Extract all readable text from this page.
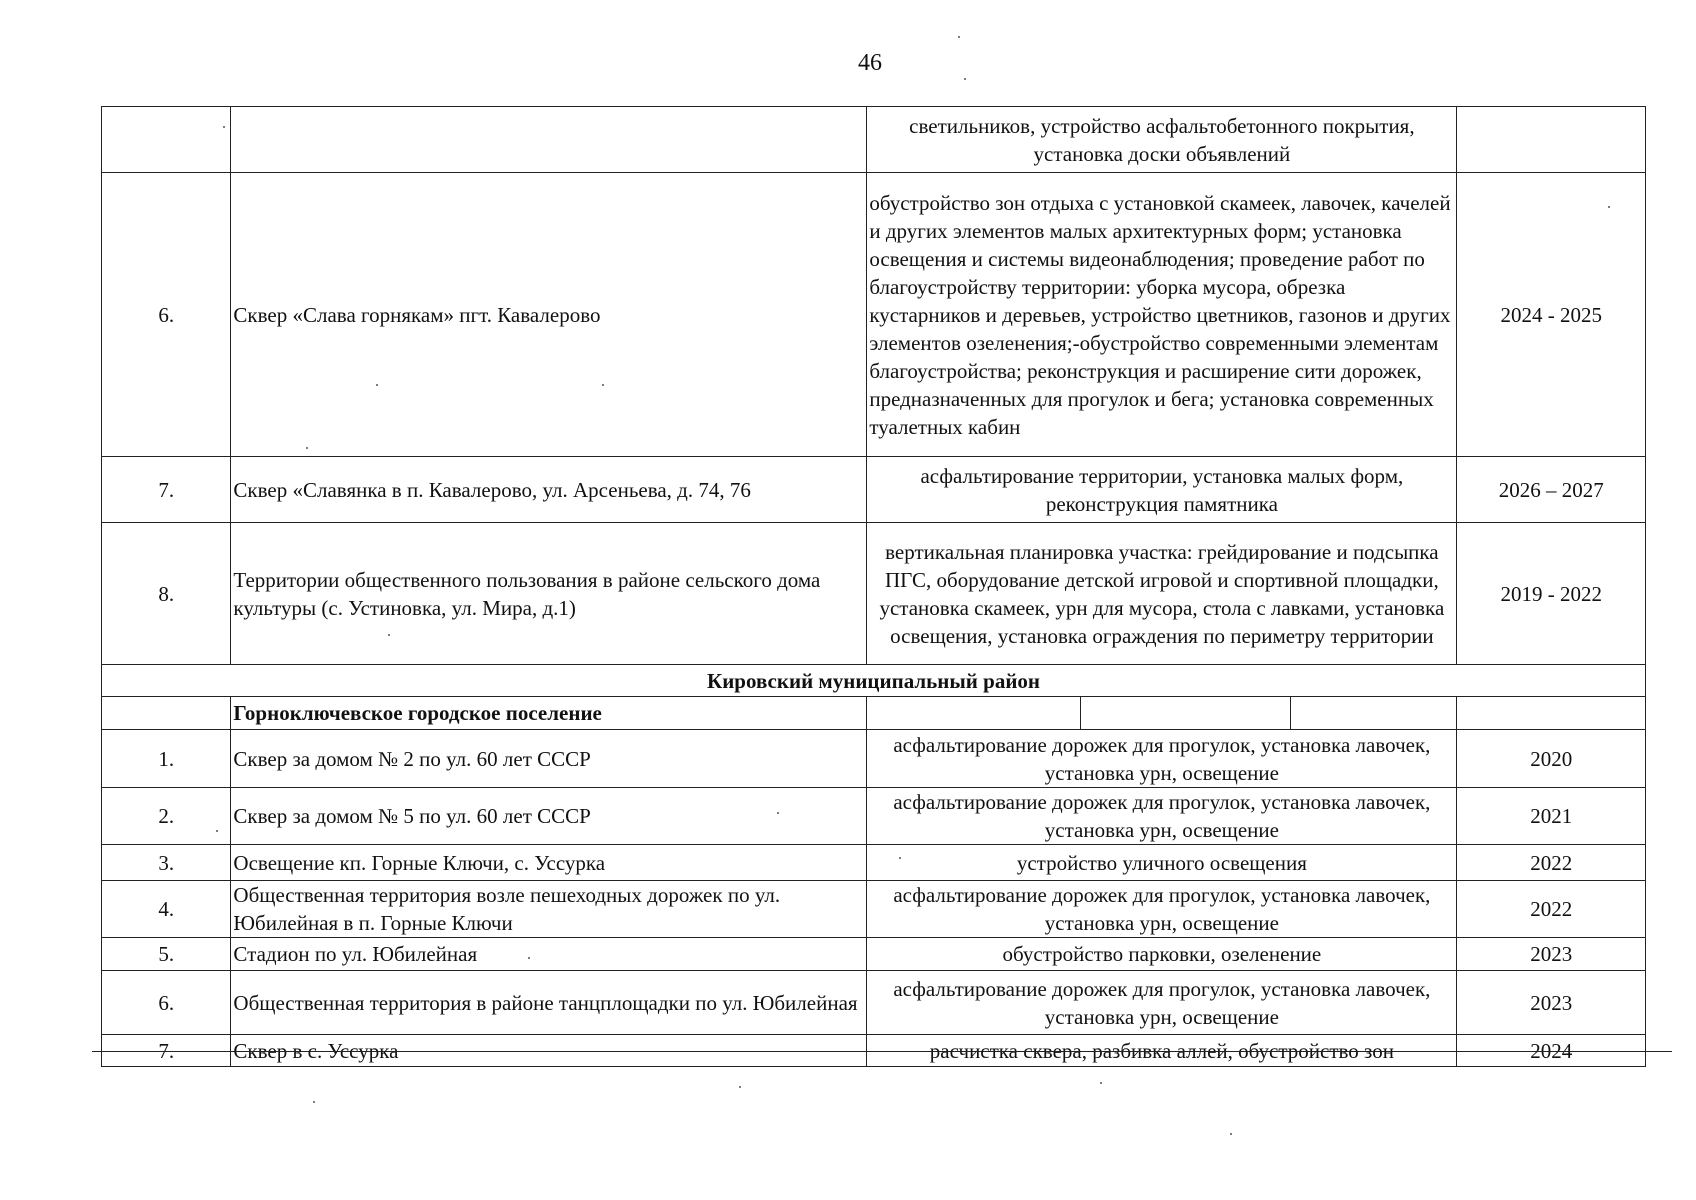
46
		светильников, устройство асфальтобетонного покрытия, установка доски объявлений			
6.	Сквер «Слава горнякам» пгт. Кавалерово	обустройство зон отдыха с установкой скамеек, лавочек, качелей и других элементов малых архитектурных форм; установка освещения и системы видеонаблюдения; проведение работ по благоустройству территории: уборка мусора, обрезка кустарников и деревьев, устройство цветников, газонов и других элементов озеленения;-обустройство современными элементам благоустройства; реконструкция и расширение сити дорожек, предназначенных для прогулок и бега; установка современных туалетных кабин			2024 - 2025
7.	Сквер «Славянка в п. Кавалерово, ул. Арсеньева, д. 74, 76	асфальтирование территории, установка малых форм, реконструкция памятника			2026 – 2027
8.	Территории общественного пользования в районе сельского дома культуры (с. Устиновка, ул. Мира, д.1)	вертикальная планировка участка: грейдирование и подсыпка ПГС, оборудование детской игровой и спортивной площадки, установка скамеек, урн для мусора, стола с лавками, установка освещения, установка ограждения по периметру территории			2019 - 2022
Кировский муниципальный район					
	Горноключевское городское поселение				
1.	Сквер за домом № 2 по ул. 60 лет СССР	асфальтирование дорожек для прогулок, установка лавочек, установка урн, освещение			2020
2.	Сквер за домом № 5 по ул. 60 лет СССР	асфальтирование дорожек для прогулок, установка лавочек, установка урн, освещение			2021
3.	Освещение кп. Горные Ключи, с. Уссурка	устройство уличного освещения			2022
4.	Общественная территория возле пешеходных дорожек по ул. Юбилейная в п. Горные Ключи	асфальтирование дорожек для прогулок, установка лавочек, установка урн, освещение			2022
5.	Стадион по ул. Юбилейная	обустройство парковки, озеленение			2023
6.	Общественная территория в районе танцплощадки по ул. Юбилейная	асфальтирование дорожек для прогулок, установка лавочек, установка урн, освещение			2023
7.	Сквер в с. Уссурка	расчистка сквера, разбивка аллей, обустройство зон			2024
